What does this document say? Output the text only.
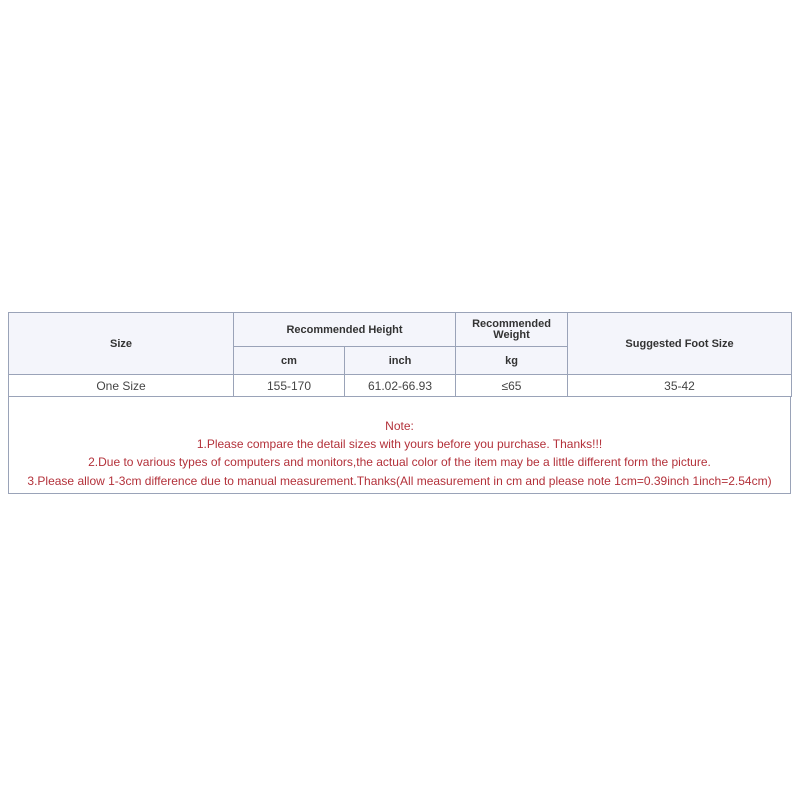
Size	Recommended Height		Recommended Weight	Suggested Foot Size
	cm	inch	kg	
One Size	155-170	61.02-66.93	≤65	35-42
Note:
1.Please compare the detail sizes with yours before you purchase. Thanks!!!
2.Due to various types of computers and monitors,the actual color of the item may be a little different form the picture.
3.Please allow 1-3cm difference due to manual measurement.Thanks(All measurement in cm and please note 1cm=0.39inch 1inch=2.54cm)
